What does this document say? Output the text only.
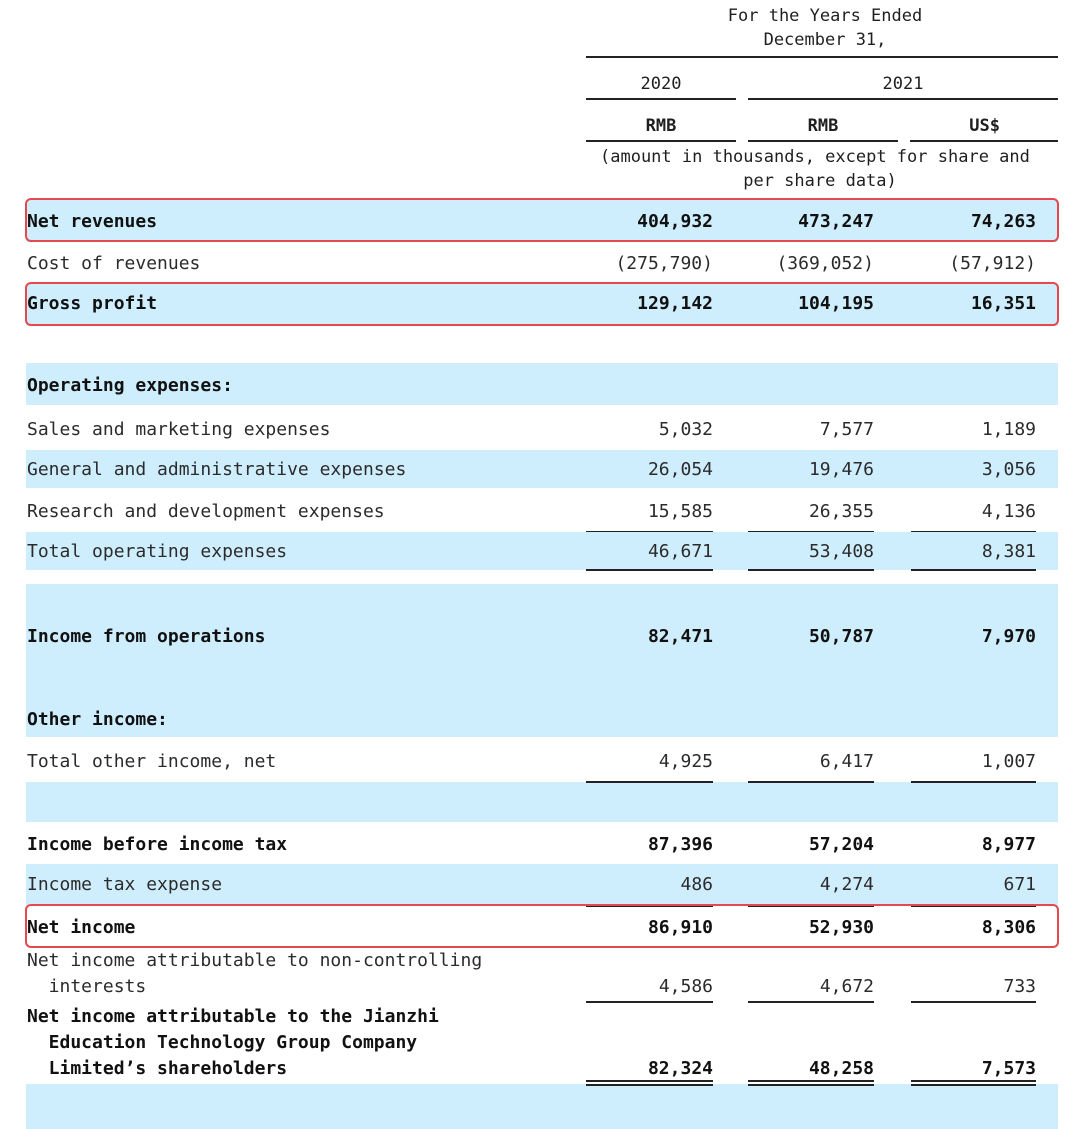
For the Years Ended
December 31,
2020	2021
RMB	RMB	US$
(amount in thousands, except for share and
per share data)
Net revenues	404,932	473,247	74,263
Cost of revenues	(275,790)	(369,052)	(57,912)
Gross profit	129,142	104,195	16,351
Operating expenses:
Sales and marketing expenses	5,032	7,577	1,189
General and administrative expenses	26,054	19,476	3,056
Research and development expenses	15,585	26,355	4,136
Total operating expenses	46,671	53,408	8,381
Income from operations	82,471	50,787	7,970
Other income:
Total other income, net	4,925	6,417	1,007
Income before income tax	87,396	57,204	8,977
Income tax expense	486	4,274	671
Net income	86,910	52,930	8,306
Net income attributable to non-controlling
interests	4,586	4,672	733
Net income attributable to the Jianzhi
Education Technology Group Company
Limited’s shareholders	82,324	48,258	7,573
